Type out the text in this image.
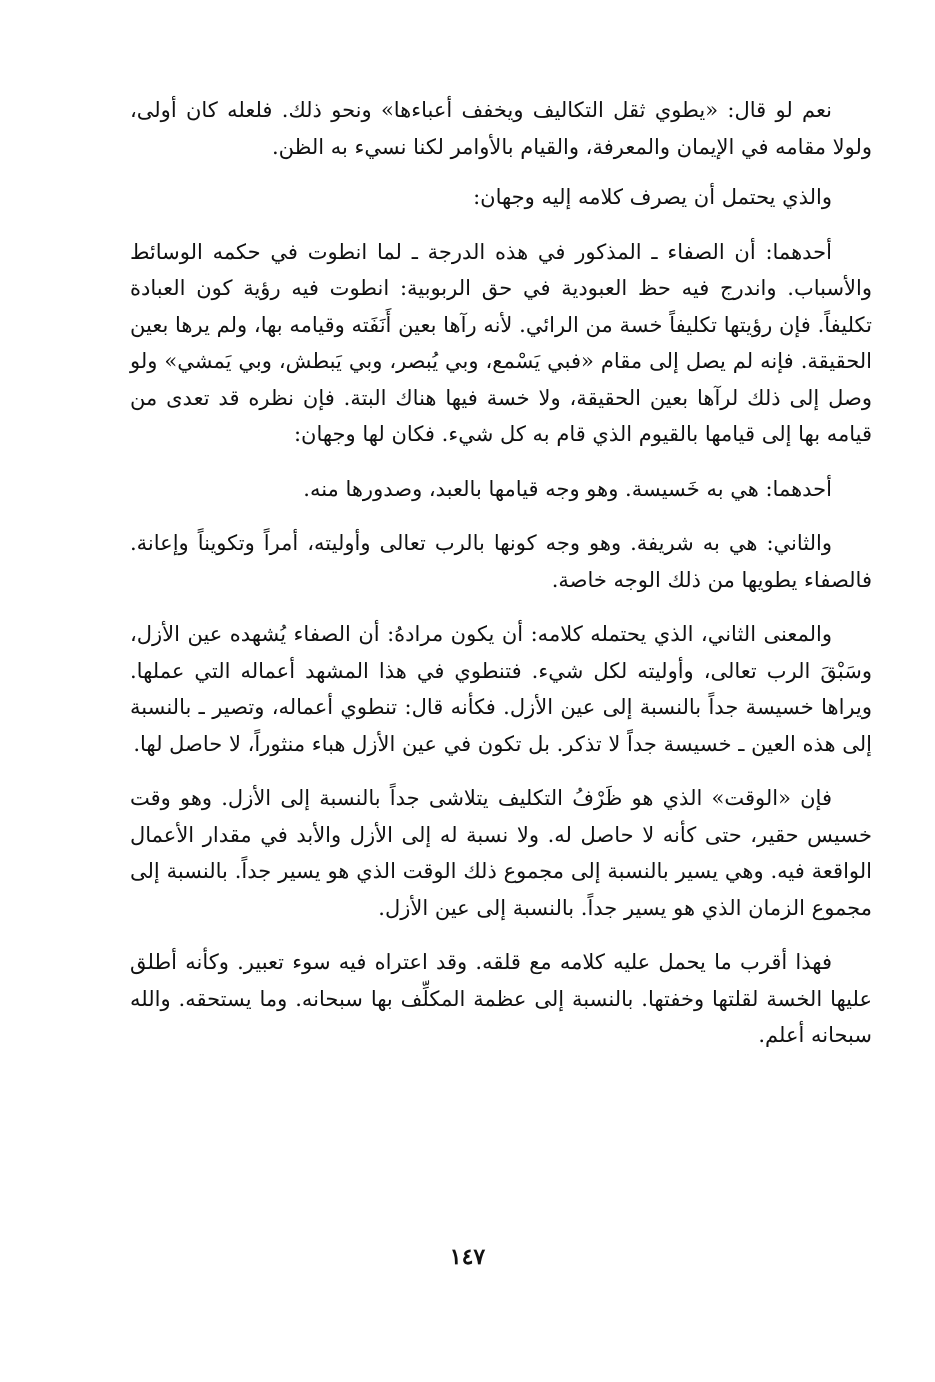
نعم لو قال: «يطوي ثقل التكاليف ويخفف أعباءها» ونحو ذلك. فلعله كان أولى، ولولا مقامه في الإيمان والمعرفة، والقيام بالأوامر لكنا نسيء به الظن.

والذي يحتمل أن يصرف كلامه إليه وجهان:

أحدهما: أن الصفاء ـ المذكور في هذه الدرجة ـ لما انطوت في حكمه الوسائط والأسباب. واندرج فيه حظ العبودية في حق الربوبية: انطوت فيه رؤية كون العبادة تكليفاً. فإن رؤيتها تكليفاً خسة من الرائي. لأنه رآها بعين أَنَفَته وقيامه بها، ولم يرها بعين الحقيقة. فإنه لم يصل إلى مقام «فبي يَسْمع، وبي يُبصر، وبي يَبطش، وبي يَمشي» ولو وصل إلى ذلك لرآها بعين الحقيقة، ولا خسة فيها هناك البتة. فإن نظره قد تعدى من قيامه بها إلى قيامها بالقيوم الذي قام به كل شيء. فكان لها وجهان:

أحدهما: هي به خَسيسة. وهو وجه قيامها بالعبد، وصدورها منه.

والثاني: هي به شريفة. وهو وجه كونها بالرب تعالى وأوليته، أمراً وتكويناً وإعانة. فالصفاء يطويها من ذلك الوجه خاصة.

والمعنى الثاني، الذي يحتمله كلامه: أن يكون مرادهُ: أن الصفاء يُشهده عين الأزل، وسَبْقَ الرب تعالى، وأوليته لكل شيء. فتنطوي في هذا المشهد أعماله التي عملها. ويراها خسيسة جداً بالنسبة إلى عين الأزل. فكأنه قال: تنطوي أعماله، وتصير ـ بالنسبة إلى هذه العين ـ خسيسة جداً لا تذكر. بل تكون في عين الأزل هباء منثوراً، لا حاصل لها.

فإن «الوقت» الذي هو ظَرْفُ التكليف يتلاشى جداً بالنسبة إلى الأزل. وهو وقت خسيس حقير، حتى كأنه لا حاصل له. ولا نسبة له إلى الأزل والأبد في مقدار الأعمال الواقعة فيه. وهي يسير بالنسبة إلى مجموع ذلك الوقت الذي هو يسير جداً. بالنسبة إلى مجموع الزمان الذي هو يسير جداً. بالنسبة إلى عين الأزل.

فهذا أقرب ما يحمل عليه كلامه مع قلقه. وقد اعتراه فيه سوء تعبير. وكأنه أطلق عليها الخسة لقلتها وخفتها. بالنسبة إلى عظمة المكلِّف بها سبحانه. وما يستحقه. والله سبحانه أعلم.

١٤٧
